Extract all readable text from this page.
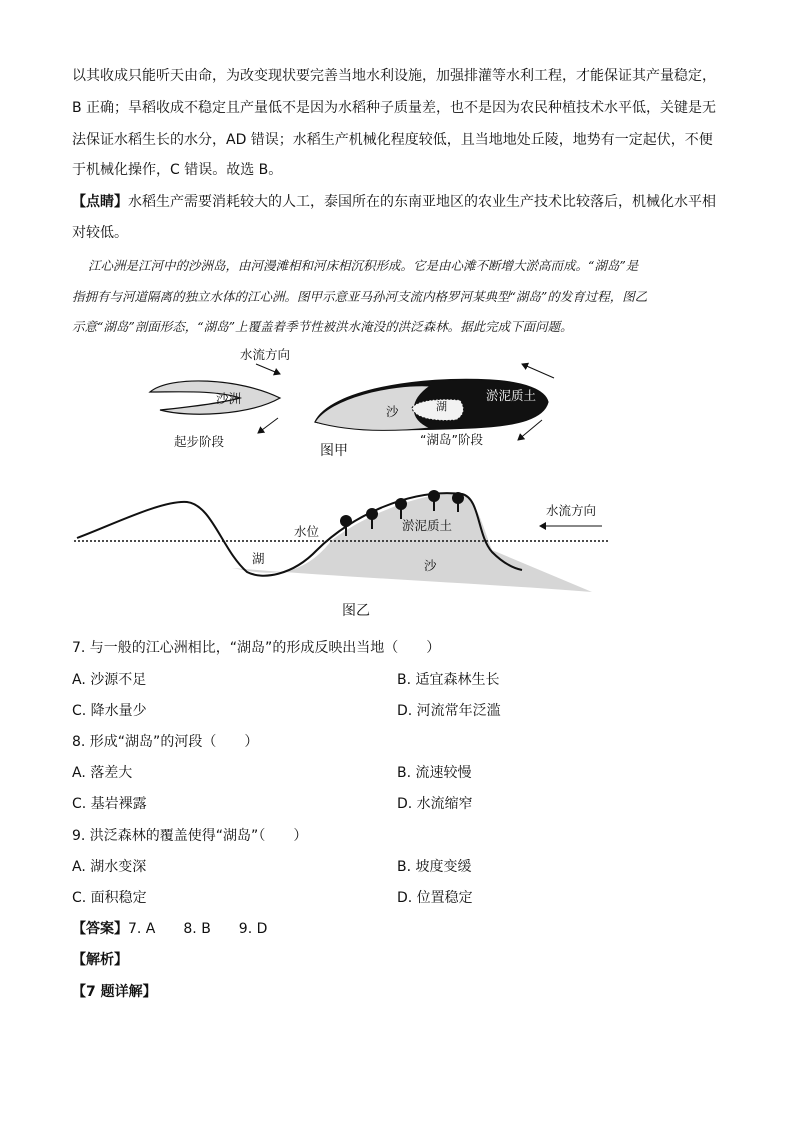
以其收成只能听天由命，为改变现状要完善当地水利设施，加强排灌等水利工程，才能保证其产量稳定，
B 正确；旱稻收成不稳定且产量低不是因为水稻种子质量差，也不是因为农民种植技术水平低，关键是无
法保证水稻生长的水分，AD 错误；水稻生产机械化程度较低，且当地地处丘陵，地势有一定起伏，不便
于机械化操作，C 错误。故选 B。
【点睛】水稻生产需要消耗较大的人工，泰国所在的东南亚地区的农业生产技术比较落后，机械化水平相
对较低。
江心洲是江河中的沙洲岛，由河漫滩相和河床相沉积形成。它是由心滩不断增大淤高而成。“湖岛”是
指拥有与河道隔离的独立水体的江心洲。图甲示意亚马孙河支流内格罗河某典型“湖岛”的发育过程，图乙
示意“湖岛”剖面形态，“湖岛”上覆盖着季节性被洪水淹没的洪泛森林。据此完成下面问题。
水流方向
沙洲
起步阶段
沙	湖
淤泥质土
“湖岛”阶段
图甲
水位	淤泥质土
湖	沙
水流方向
图乙
7. 与一般的江心洲相比，“湖岛”的形成反映出当地（　　）
A. 沙源不足	B. 适宜森林生长
C. 降水量少	D. 河流常年泛滥
8. 形成“湖岛”的河段（　　）
A. 落差大	B. 流速较慢
C. 基岩裸露	D. 水流缩窄
9. 洪泛森林的覆盖使得“湖岛”（　　）
A. 湖水变深	B. 坡度变缓
C. 面积稳定	D. 位置稳定
【答案】7. A　　8. B　　9. D
【解析】
【7 题详解】
